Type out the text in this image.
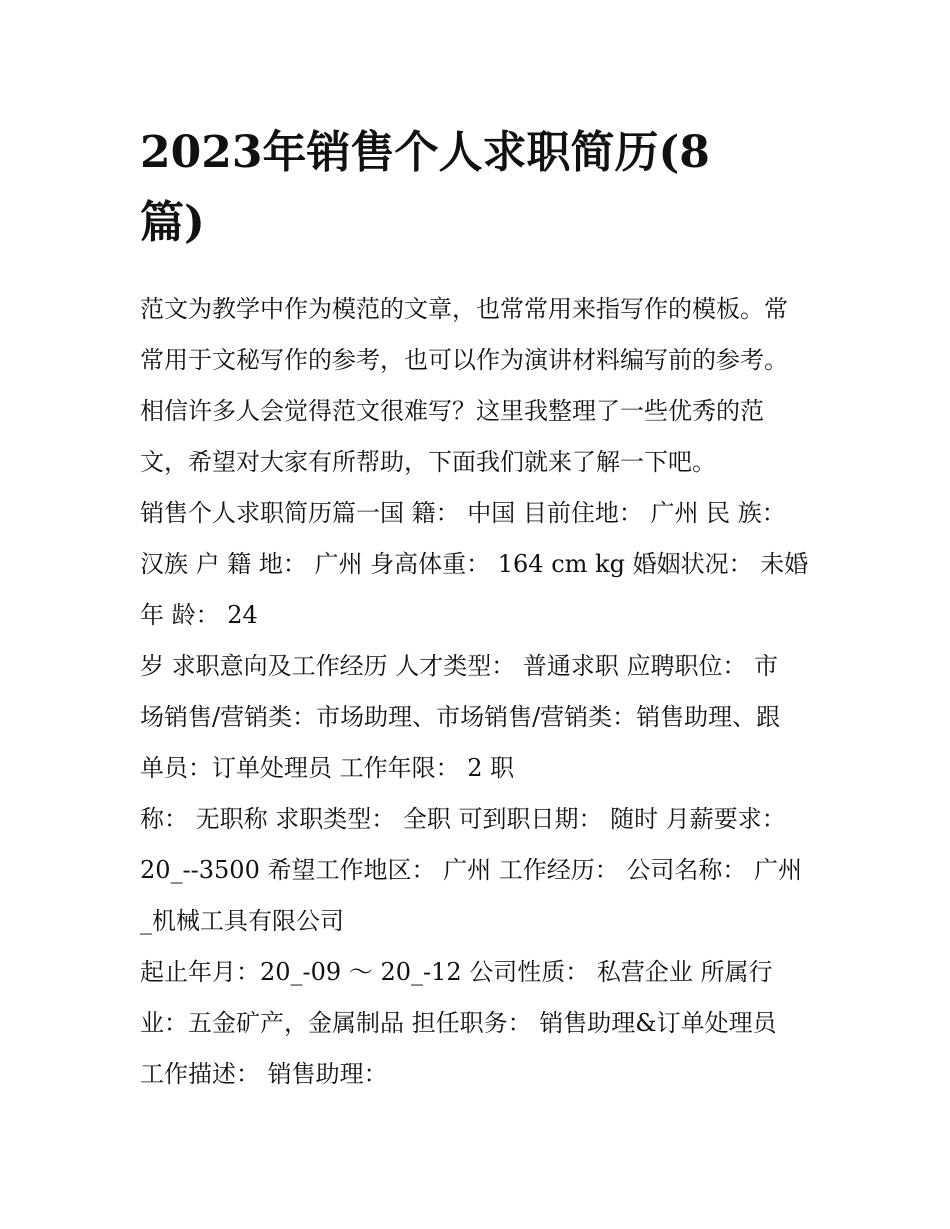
2023年销售个人求职简历(8
篇)
范文为教学中作为模范的文章，也常常用来指写作的模板。常
常用于文秘写作的参考，也可以作为演讲材料编写前的参考。
相信许多人会觉得范文很难写？这里我整理了一些优秀的范
文，希望对大家有所帮助，下面我们就来了解一下吧。
销售个人求职简历篇一国 籍： 中国 目前住地： 广州 民 族：
汉族 户 籍 地： 广州 身高体重： 164 cm kg 婚姻状况： 未婚
年 龄： 24
岁 求职意向及工作经历 人才类型： 普通求职 应聘职位： 市
场销售/营销类：市场助理、市场销售/营销类：销售助理、跟
单员：订单处理员 工作年限： 2 职
称： 无职称 求职类型： 全职 可到职日期： 随时 月薪要求：
20_--3500 希望工作地区： 广州 工作经历： 公司名称： 广州
_机械工具有限公司
起止年月：20_-09 ～ 20_-12 公司性质： 私营企业 所属行
业：五金矿产，金属制品 担任职务： 销售助理&订单处理员
工作描述： 销售助理：
